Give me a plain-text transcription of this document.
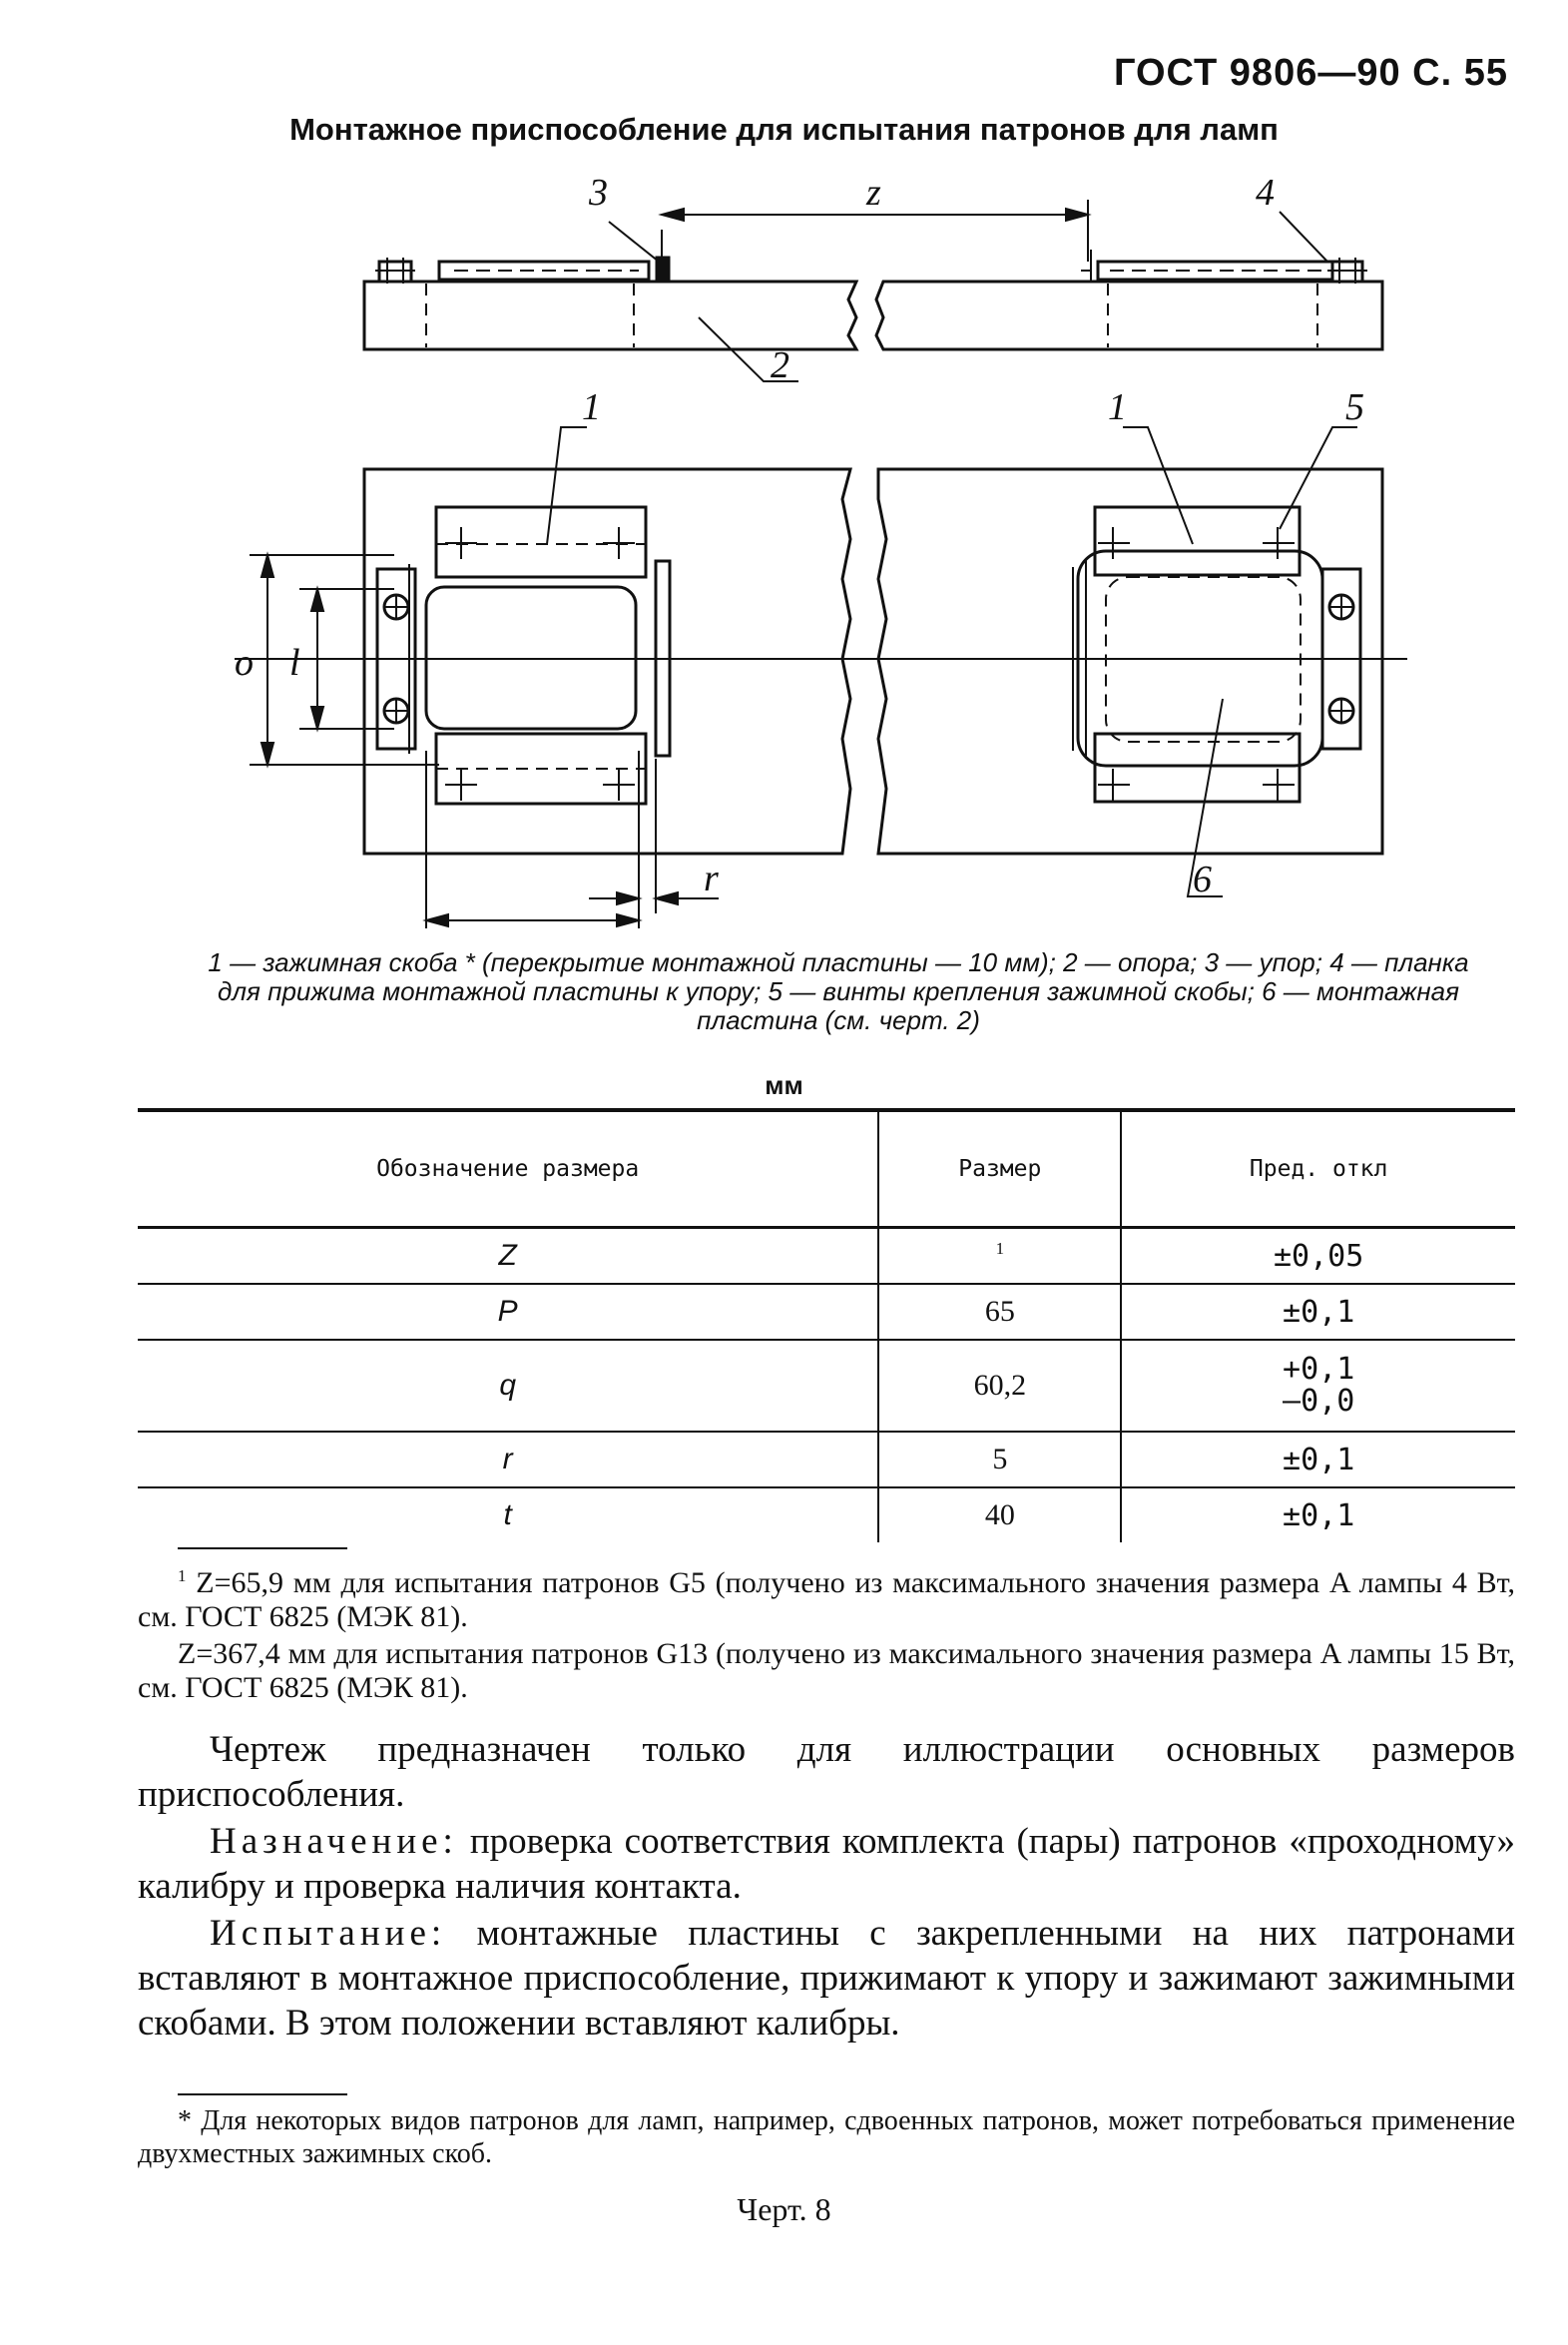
ГОСТ 9806—90 С. 55
Монтажное приспособление для испытания патронов для ламп
3	z	4
2
1	1	5
6
o l
r
1 — зажимная скоба * (перекрытие монтажной пластины — 10 мм); 2 — опора; 3 — упор; 4 — планка для прижима монтажной пластины к упору; 5 — винты крепления зажимной скобы; 6 — монтажная пластина (см. черт. 2)
мм
Обозначение размера	Размер	Пред. откл
Z	$^1$	±0,05
P	65	±0,1
q	60,2	+0,1
—0,0

r	5	±0,1
t	40	±0,1
$^1$ Z=65,9 мм для испытания патронов G5 (получено из максимального значения размера A лампы 4 Вт, см. ГОСТ 6825 (МЭК 81).
Z=367,4 мм для испытания патронов G13 (получено из максимального значения размера A лампы 15 Вт, см. ГОСТ 6825 (МЭК 81).
Чертеж предназначен только для иллюстрации основных размеров приспособления.
Назначение: проверка соответствия комплекта (пары) патронов «проходному» калибру и проверка наличия контакта.
Испытание: монтажные пластины с закрепленными на них патронами вставляют в монтажное приспособление, прижимают к упору и зажимают зажимными скобами. В этом положении вставляют калибры.
* Для некоторых видов патронов для ламп, например, сдвоенных патронов, может потребоваться применение двухместных зажимных скоб.
Черт. 8
